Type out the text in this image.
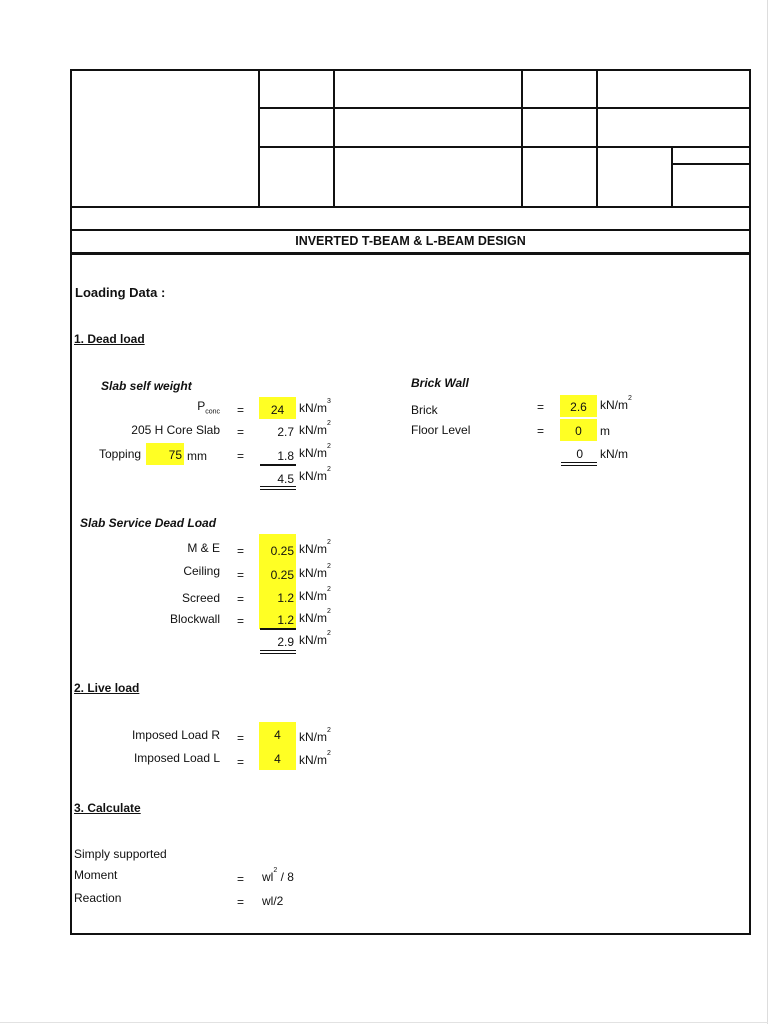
INVERTED T-BEAM & L-BEAM DESIGN
Loading Data :
1. Dead load
Slab self weight
$P_{conc}$ =	24	$kN/m^3$
205 H Core Slab =	2.7 $kN/m^2$
Topping	75 mm	=	1.8 $kN/m^2$
4.5 $kN/m^2$
Brick Wall
Brick	=	2.6	$kN/m^2$
Floor Level	=	0	m
0 kN/m
Slab Service Dead Load
M & E =	0.25 $kN/m^2$
Ceiling =	0.25 $kN/m^2$
Screed =	1.2 $kN/m^2$
Blockwall =	1.2 $kN/m^2$
2.9 $kN/m^2$
2. Live load
Imposed Load R =	4	$kN/m^2$
Imposed Load L =	4	$kN/m^2$
3. Calculate
Simply supported
Moment	= $wl^2 / 8$
Reaction	= wl/2
